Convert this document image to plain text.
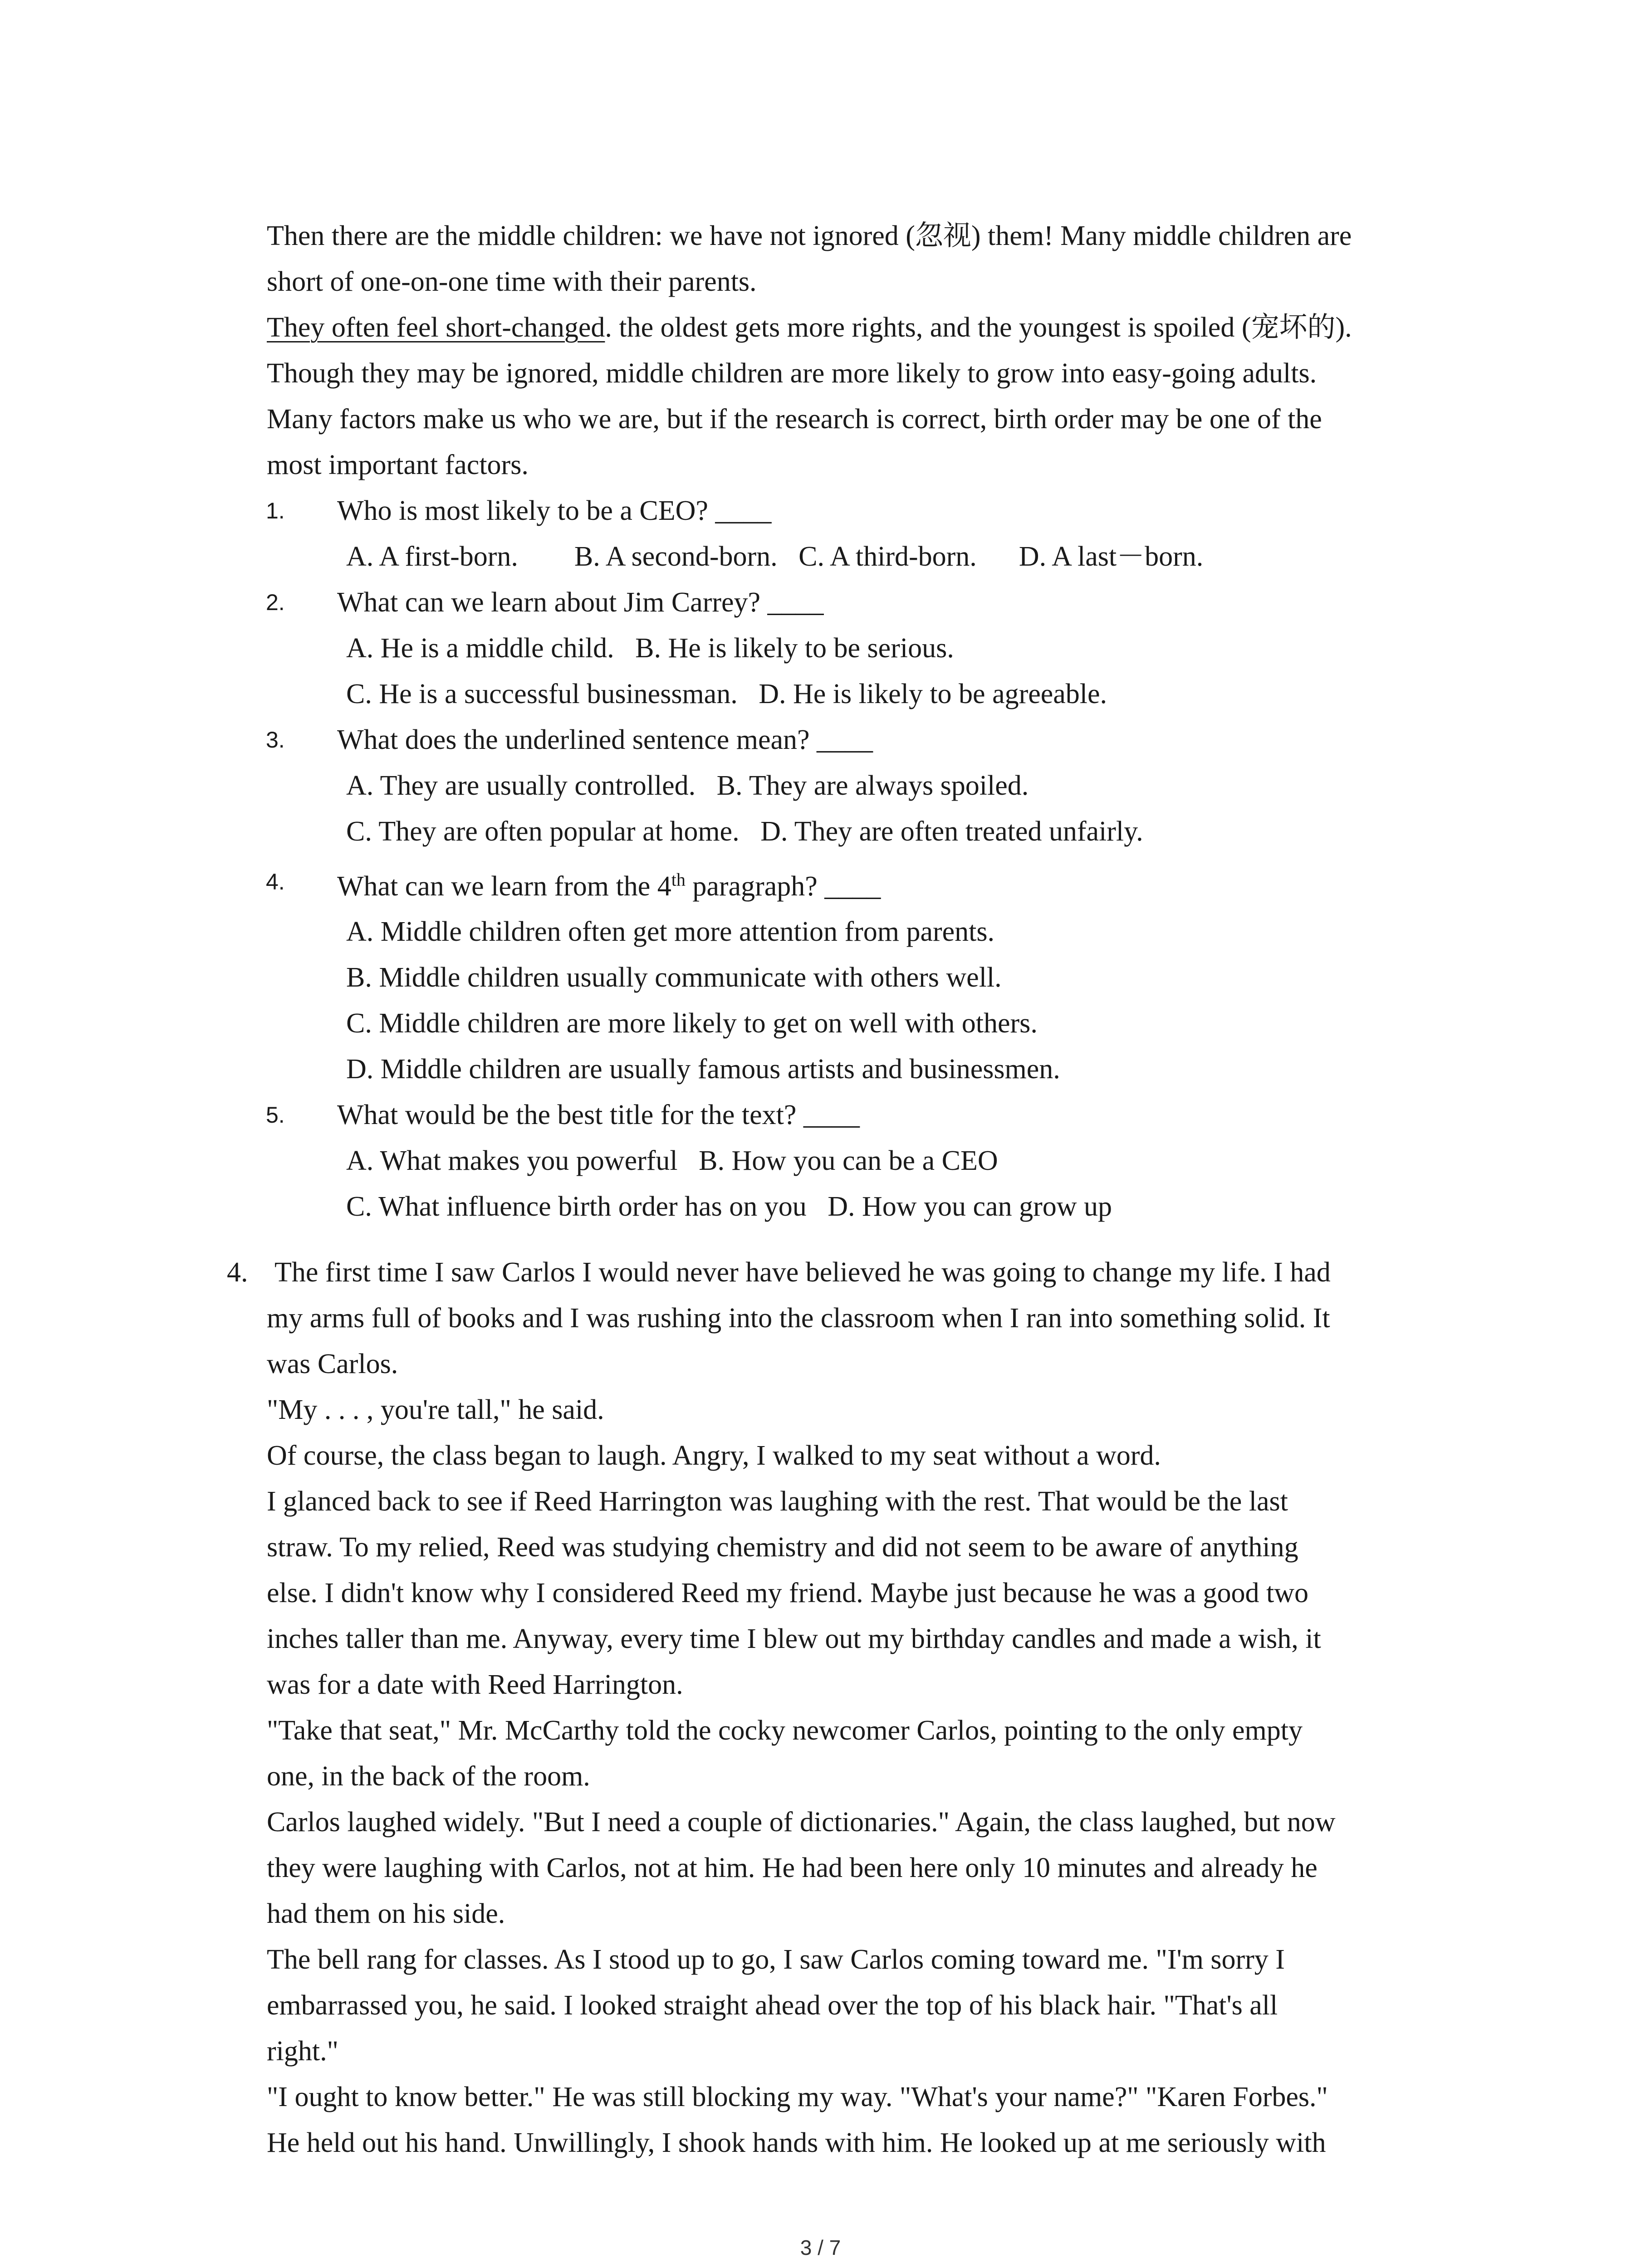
Then there are the middle children: we have not ignored (忽视) them! Many middle children are
short of one-on-one time with their parents.
They often feel short-changed. the oldest gets more rights, and the youngest is spoiled (宠坏的).
Though they may be ignored, middle children are more likely to grow into easy-going adults.
Many factors make us who we are, but if the research is correct, birth order may be one of the
most important factors.
1. Who is most likely to be a CEO? ____
A. A first-born.        B. A second-born.   C. A third-born.      D. A last－born.
2. What can we learn about Jim Carrey? ____
A. He is a middle child.   B. He is likely to be serious.
C. He is a successful businessman.   D. He is likely to be agreeable.
3. What does the underlined sentence mean? ____
A. They are usually controlled.   B. They are always spoiled.
C. They are often popular at home.   D. They are often treated unfairly.
4. What can we learn from the 4th paragraph? ____
A. Middle children often get more attention from parents.
B. Middle children usually communicate with others well.
C. Middle children are more likely to get on well with others.
D. Middle children are usually famous artists and businessmen.
5. What would be the best title for the text? ____
A. What makes you powerful   B. How you can be a CEO
C. What influence birth order has on you   D. How you can grow up
4. The first time I saw Carlos I would never have believed he was going to change my life. I had
my arms full of books and I was rushing into the classroom when I ran into something solid. It
was Carlos.
"My . . . , you're tall," he said.
Of course, the class began to laugh. Angry, I walked to my seat without a word.
I glanced back to see if Reed Harrington was laughing with the rest. That would be the last
straw. To my relied, Reed was studying chemistry and did not seem to be aware of anything
else. I didn't know why I considered Reed my friend. Maybe just because he was a good two
inches taller than me. Anyway, every time I blew out my birthday candles and made a wish, it
was for a date with Reed Harrington.
"Take that seat," Mr. McCarthy told the cocky newcomer Carlos, pointing to the only empty
one, in the back of the room.
Carlos laughed widely. "But I need a couple of dictionaries." Again, the class laughed, but now
they were laughing with Carlos, not at him. He had been here only 10 minutes and already he
had them on his side.
The bell rang for classes. As I stood up to go, I saw Carlos coming toward me. "I'm sorry I
embarrassed you, he said. I looked straight ahead over the top of his black hair. "That's all
right."
"I ought to know better." He was still blocking my way. "What's your name?" "Karen Forbes."
He held out his hand. Unwillingly, I shook hands with him. He looked up at me seriously with
3 / 7
